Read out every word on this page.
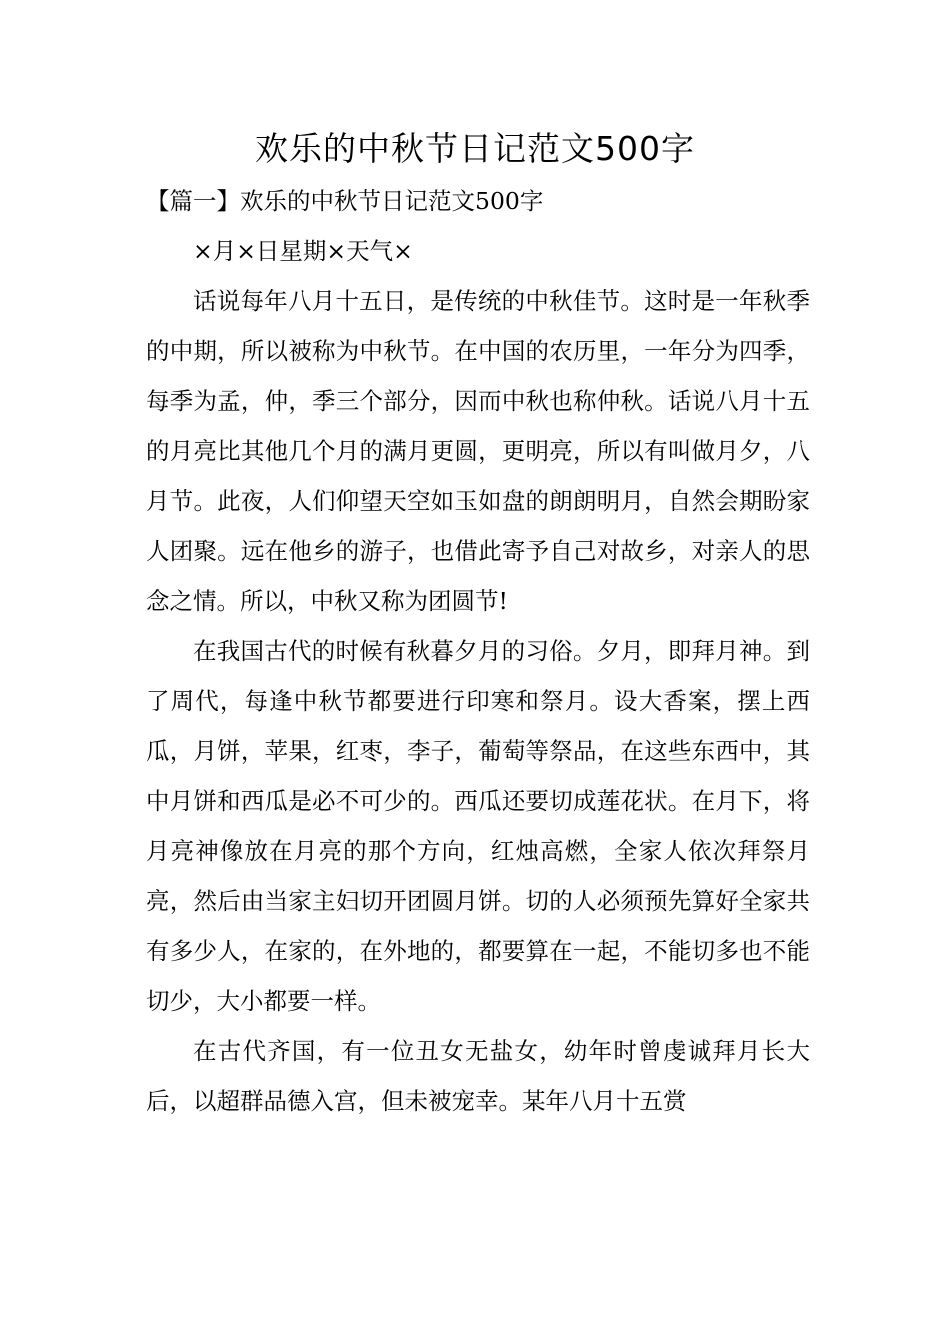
欢乐的中秋节日记范文500字

【篇一】欢乐的中秋节日记范文500字

×月×日星期×天气×

话说每年八月十五日，是传统的中秋佳节。这时是一年秋季的中期，所以被称为中秋节。在中国的农历里，一年分为四季，每季为孟，仲，季三个部分，因而中秋也称仲秋。话说八月十五的月亮比其他几个月的满月更圆，更明亮，所以有叫做月夕，八月节。此夜，人们仰望天空如玉如盘的朗朗明月，自然会期盼家人团聚。远在他乡的游子，也借此寄予自己对故乡，对亲人的思念之情。所以，中秋又称为团圆节!

在我国古代的时候有秋暮夕月的习俗。夕月，即拜月神。到了周代，每逢中秋节都要进行印寒和祭月。设大香案，摆上西瓜，月饼，苹果，红枣，李子，葡萄等祭品，在这些东西中，其中月饼和西瓜是必不可少的。西瓜还要切成莲花状。在月下，将月亮神像放在月亮的那个方向，红烛高燃，全家人依次拜祭月亮，然后由当家主妇切开团圆月饼。切的人必须预先算好全家共有多少人，在家的，在外地的，都要算在一起，不能切多也不能切少，大小都要一样。

在古代齐国，有一位丑女无盐女，幼年时曾虔诚拜月长大后，以超群品德入宫，但未被宠幸。某年八月十五赏
